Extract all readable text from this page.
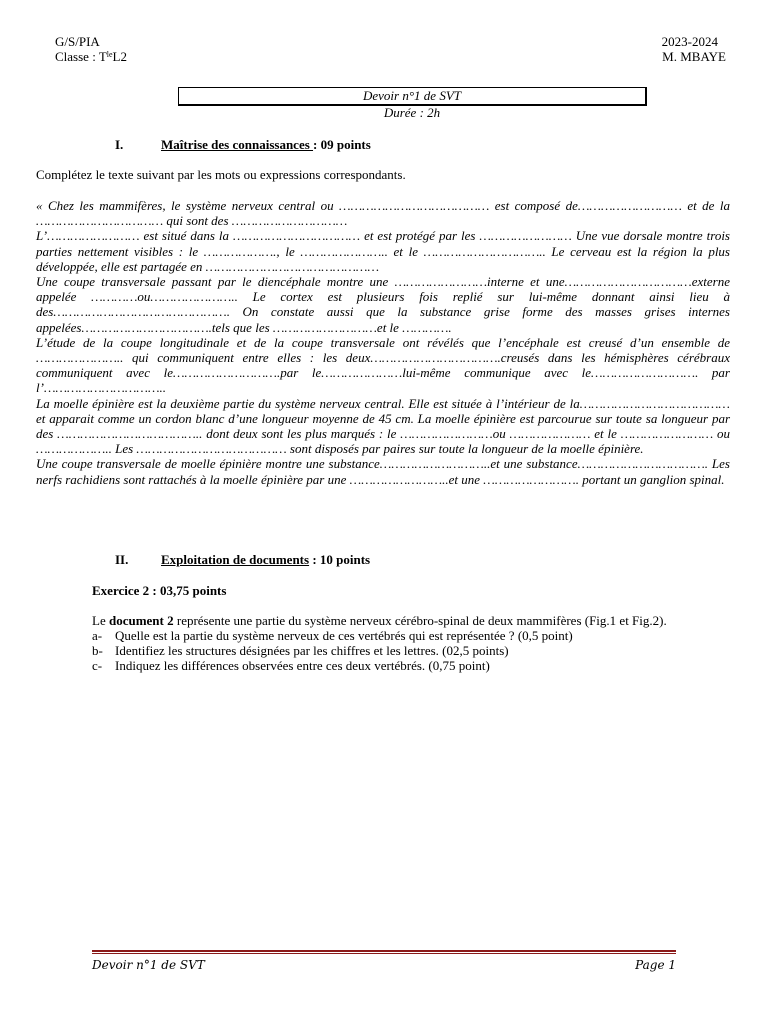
G/S/PIA
Classe : $T^{le}L2$
2023-2024
M. MBAYE
Devoir n°1 de SVT
Durée : 2h
I.	Maîtrise des connaissances : 09 points
Complétez le texte suivant par les mots ou expressions correspondants.

« Chez les mammifères, le système nerveux central ou ………………………………… est composé de……………………… et de la …………………………… qui sont des …………………………

L’…………………… est situé dans la …………………………… et est protégé par les …………………… Une vue dorsale montre trois parties nettement visibles : le ………………., le ………………….. et le ………………………….. Le cerveau est la région la plus développée, elle est partagée en ………………………………………

Une coupe transversale passant par le diencéphale montre une ……………………interne et une……………………………externe appelée …………ou………………….. Le cortex est plusieurs fois replié sur lui-même donnant ainsi lieu à des………………………………………. On constate aussi que la substance grise forme des masses grises internes appelées…………………………….tels que les ………………………et le ………….

L’étude de la coupe longitudinale et de la coupe transversale ont révélés que l’encéphale est creusé d’un ensemble de ………………….. qui communiquent entre elles : les deux…………………………….creusés dans les hémisphères cérébraux communiquent avec le……………………….par le…………………lui-même communique avec le………………………. par l’…………………………..

La moelle épinière est la deuxième partie du système nerveux central. Elle est située à l’intérieur de la………………………………… et apparait comme un cordon blanc d’une longueur moyenne de 45 cm. La moelle épinière est parcourue sur toute sa longueur par des ……………………………….. dont deux sont les plus marqués : le ……………………ou ………………… et le …………………… ou ……………….. Les ………………………………… sont disposés par paires sur toute la longueur de la moelle épinière.

Une coupe transversale de moelle épinière montre une substance………………………..et une substance……………………………. Les nerfs rachidiens sont rattachés à la moelle épinière par une ……………………..et une ……………………. portant un ganglion spinal.

II.	Exploitation de documents : 10 points
Exercice 2 : 03,75 points
Le document 2 représente une partie du système nerveux cérébro-spinal de deux mammifères (Fig.1 et Fig.2).
a- Quelle est la partie du système nerveux de ces vertébrés qui est représentée ? (0,5 point)
b- Identifiez les structures désignées par les chiffres et les lettres. (02,5 points)
c- Indiquez les différences observées entre ces deux vertébrés. (0,75 point)
Devoir n°1 de SVT	Page 1
